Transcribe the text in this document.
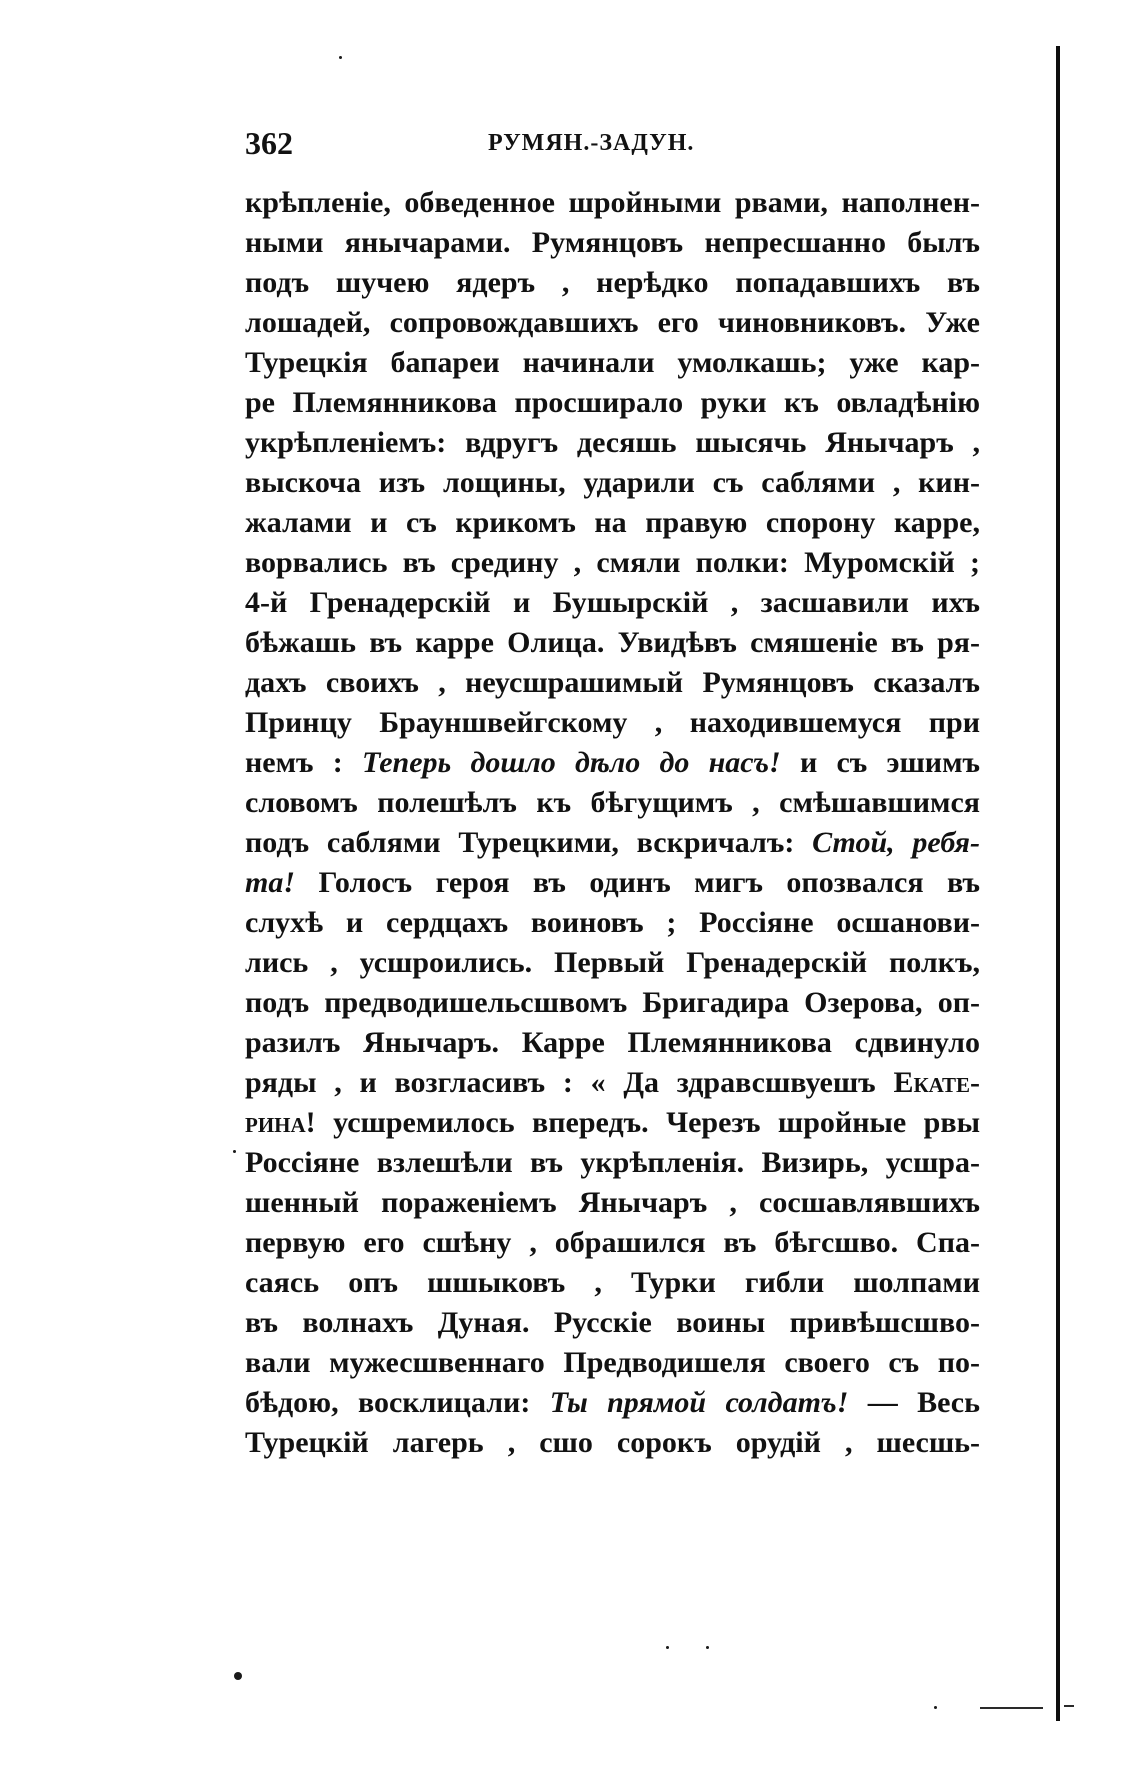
362	РУМЯН.-ЗАДУН.
крѣпленіе, обведенное шройными рвами, наполнен-
ными янычарами. Румянцовъ непресшанно былъ
подъ шучею ядеръ , нерѣдко попадавшихъ въ
лошадей, сопровождавшихъ его чиновниковъ. Уже
Турецкія бапареи начинали умолкашь; уже кар-
ре Племянникова просширало руки къ овладѣнію
укрѣпленіемъ: вдругъ десяшь шысячь Янычаръ ,
выскоча изъ лощины, ударили съ саблями , кин-
жалами и съ крикомъ на правую спорону карре,
ворвались въ средину , смяли полки: Муромскій ;
4-й Гренадерскій и Бушырскій , засшавили ихъ
бѣжашь въ карре Олица. Увидѣвъ смяшеніе въ ря-
дахъ своихъ , неусшрашимый Румянцовъ сказалъ
Принцу Брауншвейгскому , находившемуся при
немъ : Теперь дошло дѣло до насъ! и съ эшимъ
словомъ полешѣлъ къ бѣгущимъ , смѣшавшимся
подъ саблями Турецкими, вскричалъ: Стой, ребя-
та! Голосъ героя въ одинъ мигъ опозвался въ
слухѣ и сердцахъ воиновъ ; Россіяне осшанови-
лись , усшроились. Первый Гренадерскій полкъ,
подъ предводишельсшвомъ Бригадира Озерова, оп-
разилъ Янычаръ. Карре Племянникова сдвинуло
ряды , и возгласивъ : « Да здравсшвуешъ Екате-
рина! усшремилось впередъ. Черезъ шройные рвы
Россіяне взлешѣли въ укрѣпленія. Визирь, усшра-
шенный пораженіемъ Янычаръ , сосшавлявшихъ
первую его сшѣну , обрашился въ бѣгсшво. Спа-
саясь опъ шшыковъ , Турки гибли шолпами
въ волнахъ Дуная. Русскіе воины привѣшсшво-
вали мужесшвеннаго Предводишеля своего съ по-
бѣдою, восклицали: Ты прямой солдатъ! — Весь
Турецкій лагерь , сшо сорокъ орудій , шесшь-
